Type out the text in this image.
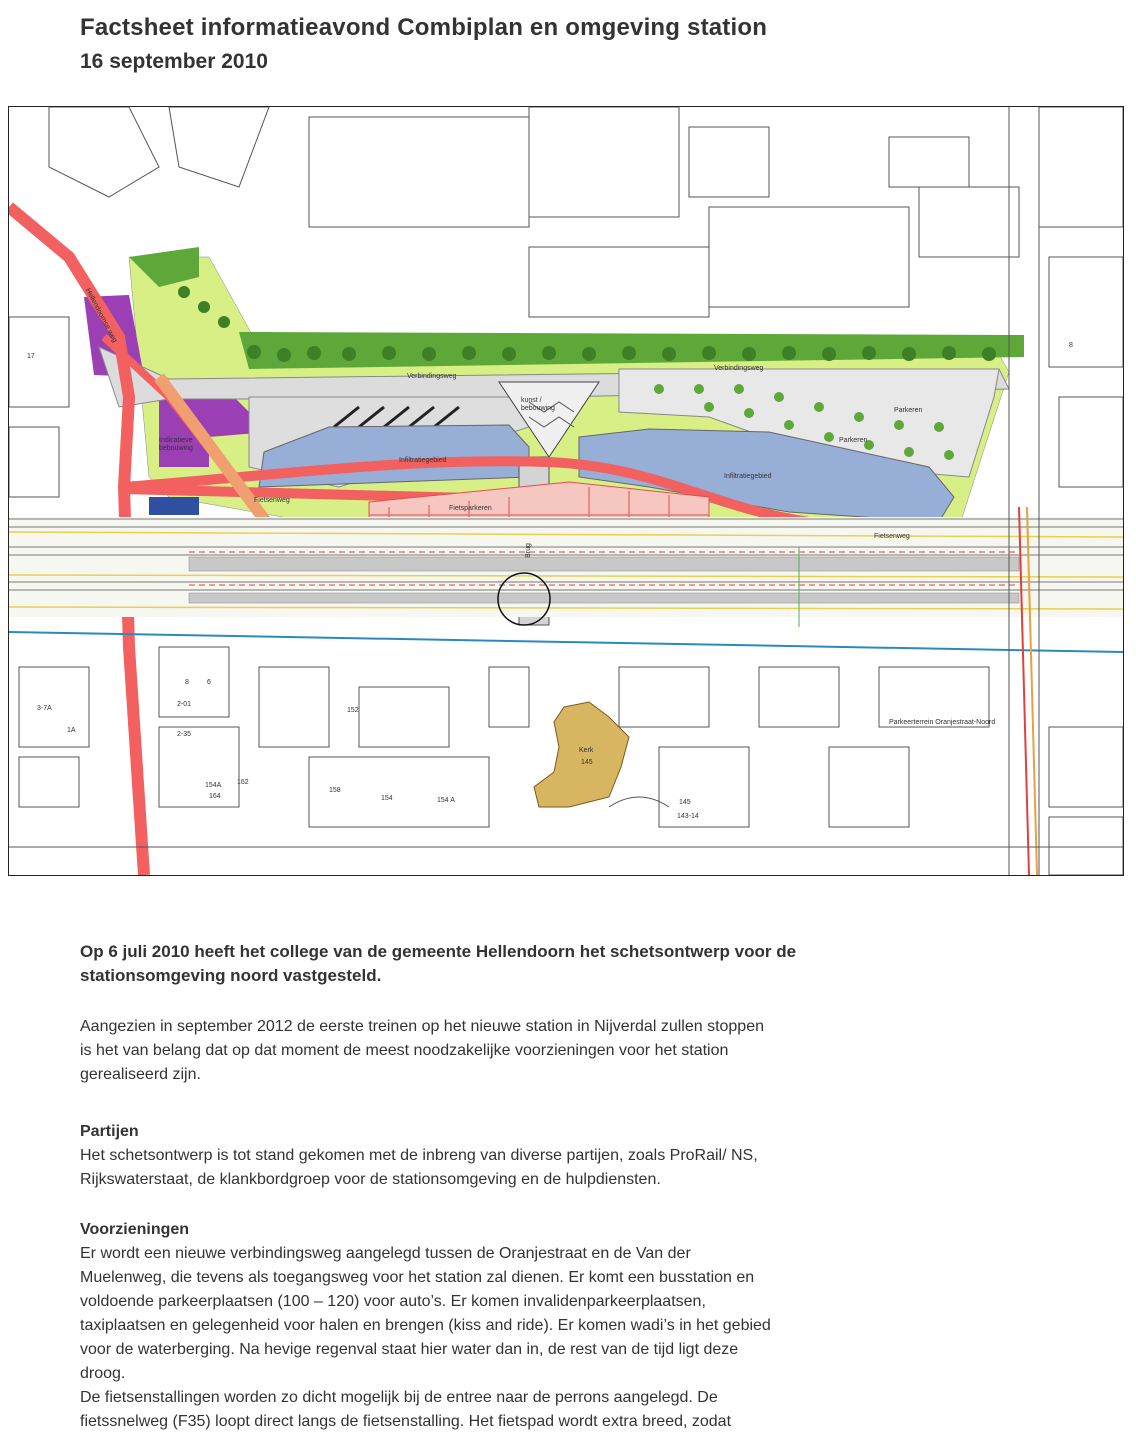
Factsheet informatieavond Combiplan en omgeving station
16 september 2010
Verbindingsweg
Verbindingsweg
kunst / bebouwing	Parkeren
Parkeren
Infiltratiegebied
Infiltratiegebied
Indicatieve bebouwing
Fietsenweg
Fietsenweg
Fietsparkeren
Brug
Kerk
145
Parkeerterrein Oranjestraat-Noord
Hellendoornse weg
3-7A
1A
2-01
2-35
154A
164
162
158
154	154 A
152
145
143-14
8	6
17
8
Op 6 juli 2010 heeft het college van de gemeente Hellendoorn het schetsontwerp voor de
stationsomgeving noord vastgesteld.
Aangezien in september 2012 de eerste treinen op het nieuwe station in Nijverdal zullen stoppen
is het van belang dat op dat moment de meest noodzakelijke voorzieningen voor het station
gerealiseerd zijn.
Partijen
Het schetsontwerp is tot stand gekomen met de inbreng van diverse partijen, zoals ProRail/ NS,
Rijkswaterstaat, de klankbordgroep voor de stationsomgeving en de hulpdiensten.
Voorzieningen
Er wordt een nieuwe verbindingsweg aangelegd tussen de Oranjestraat en de Van der
Muelenweg, die tevens als toegangsweg voor het station zal dienen. Er komt een busstation en
voldoende parkeerplaatsen (100 – 120) voor auto’s. Er komen invalidenparkeerplaatsen,
taxiplaatsen en gelegenheid voor halen en brengen (kiss and ride). Er komen wadi’s in het gebied
voor de waterberging. Na hevige regenval staat hier water dan in, de rest van de tijd ligt deze
droog.
De fietsenstallingen worden zo dicht mogelijk bij de entree naar de perrons aangelegd. De
fietssnelweg (F35) loopt direct langs de fietsenstalling. Het fietspad wordt extra breed, zodat
